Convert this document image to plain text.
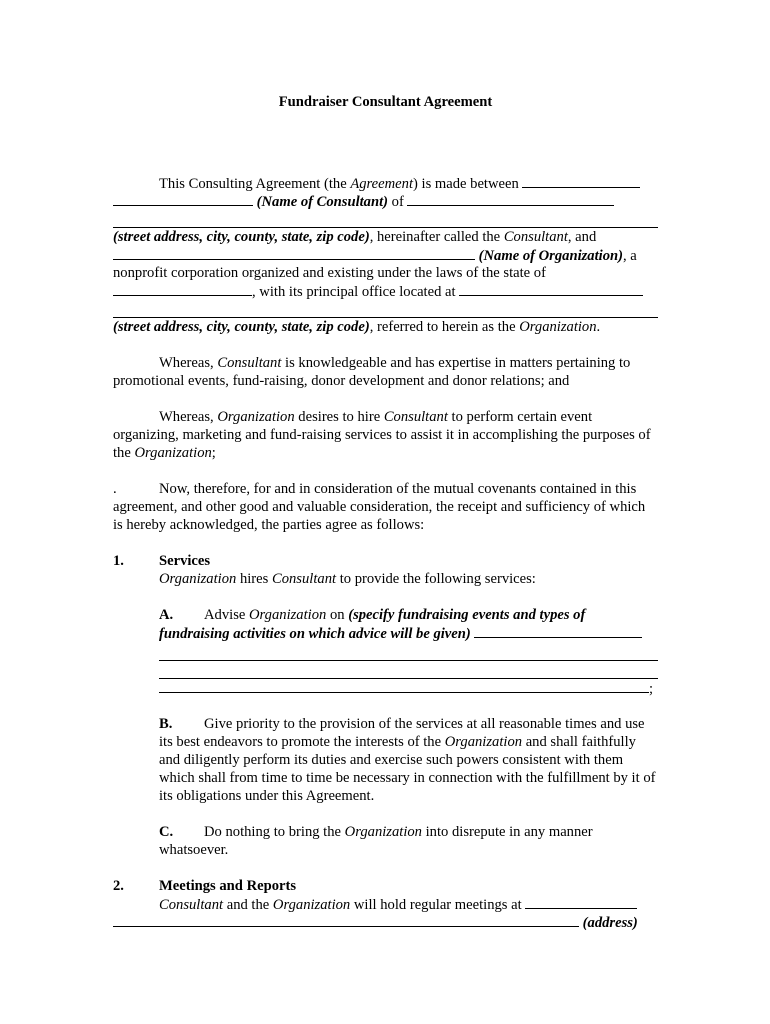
Fundraiser Consultant Agreement

This Consulting Agreement (the Agreement) is made between

(Name of Consultant) of

(street address, city, county, state, zip code), hereinafter called the Consultant, and

(Name of Organization), a

nonprofit corporation organized and existing under the laws of the state of

, with its principal office located at

(street address, city, county, state, zip code), referred to herein as the Organization.

Whereas, Consultant is knowledgeable and has expertise in matters pertaining to promotional events, fund-raising, donor development and donor relations; and

Whereas, Organization desires to hire Consultant to perform certain event organizing, marketing and fund-raising services to assist it in accomplishing the purposes of the Organization;

.	Now, therefore, for and in consideration of the mutual covenants contained in this agreement, and other good and valuable consideration, the receipt and sufficiency of which is hereby acknowledged, the parties agree as follows:

1. Services

Organization hires Consultant to provide the following services:

A. Advise Organization on (specify fundraising events and types of fundraising activities on which advice will be given)

;

B. Give priority to the provision of the services at all reasonable times and use its best endeavors to promote the interests of the Organization and shall faithfully and diligently perform its duties and exercise such powers consistent with them which shall from time to time be necessary in connection with the fulfillment by it of its obligations under this Agreement.

C. Do nothing to bring the Organization into disrepute in any manner whatsoever.

2. Meetings and Reports

Consultant and the Organization will hold regular meetings at

(address)
